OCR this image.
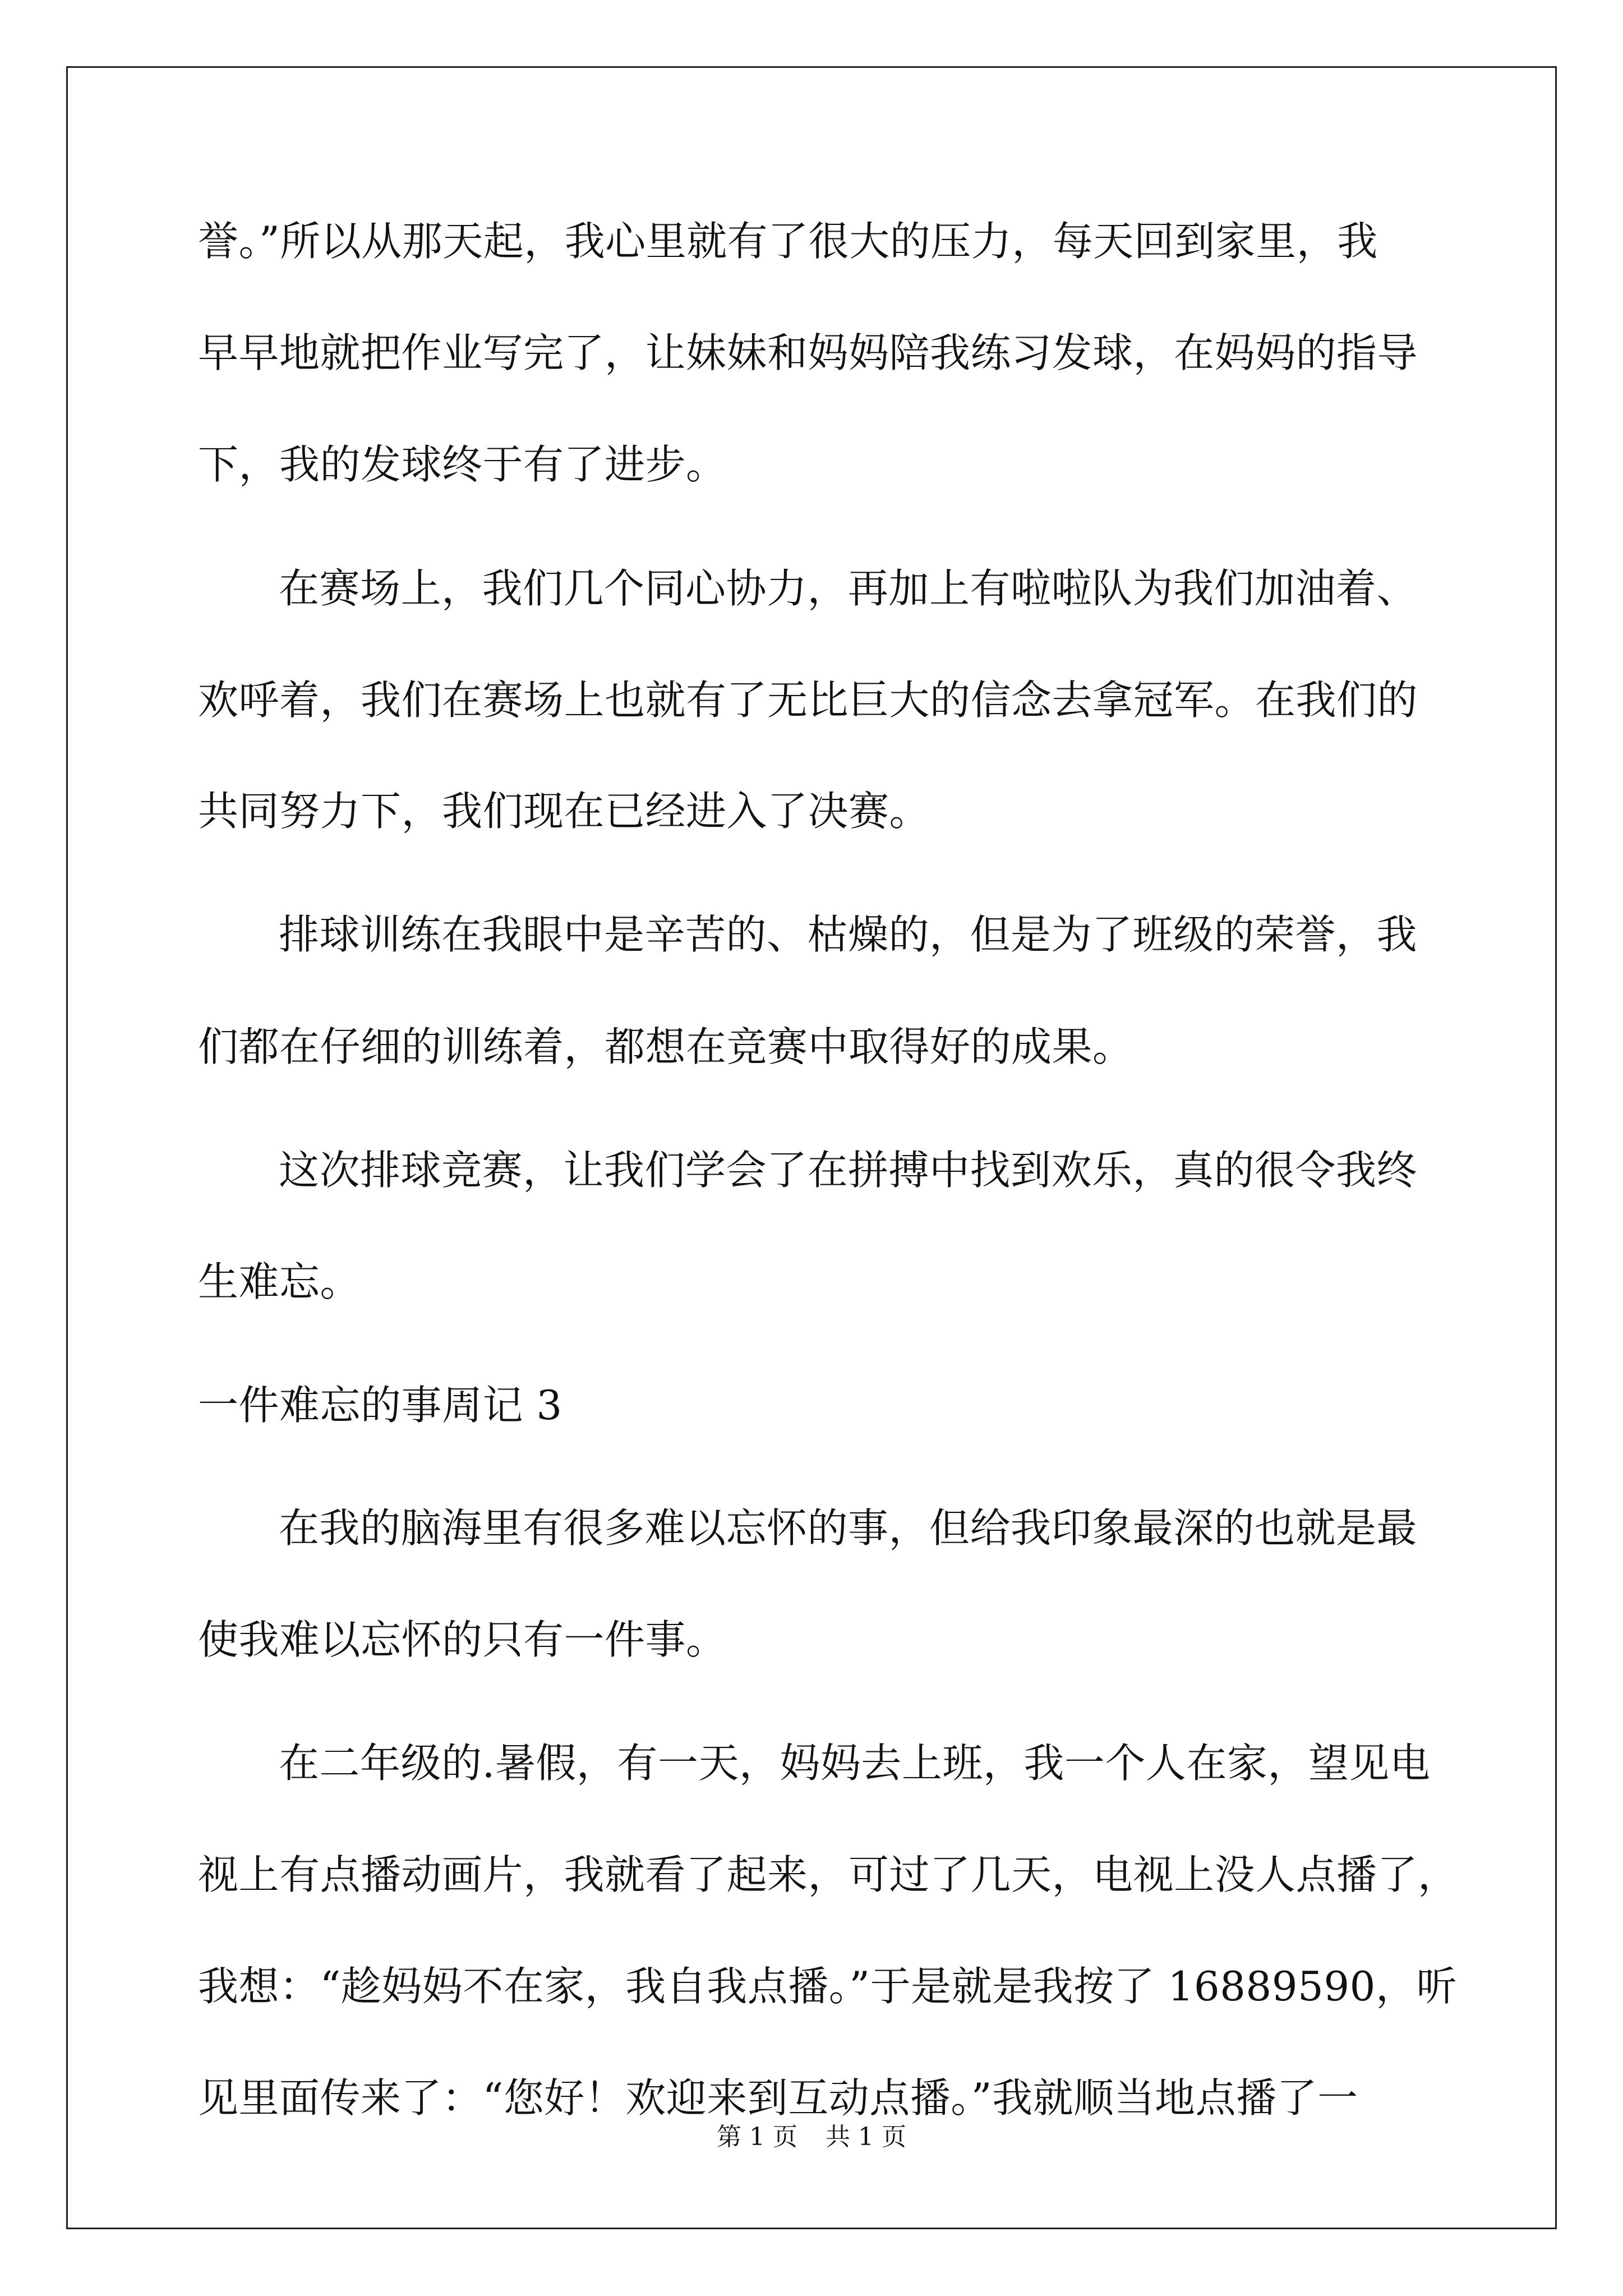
誉。”所以从那天起，我心里就有了很大的压力，每天回到家里，我
早早地就把作业写完了，让妹妹和妈妈陪我练习发球，在妈妈的指导
下，我的发球终于有了进步。
在赛场上，我们几个同心协力，再加上有啦啦队为我们加油着、
欢呼着，我们在赛场上也就有了无比巨大的信念去拿冠军。在我们的
共同努力下，我们现在已经进入了决赛。
排球训练在我眼中是辛苦的、枯燥的，但是为了班级的荣誉，我
们都在仔细的训练着，都想在竞赛中取得好的成果。
这次排球竞赛，让我们学会了在拼搏中找到欢乐，真的很令我终
生难忘。
一件难忘的事周记 3
在我的脑海里有很多难以忘怀的事，但给我印象最深的也就是最
使我难以忘怀的只有一件事。
在二年级的.暑假，有一天，妈妈去上班，我一个人在家，望见电
视上有点播动画片，我就看了起来，可过了几天，电视上没人点播了，
我想：“趁妈妈不在家，我自我点播。”于是就是我按了 16889590，听
见里面传来了：“您好！欢迎来到互动点播。”我就顺当地点播了一
第 1 页 共 1 页
